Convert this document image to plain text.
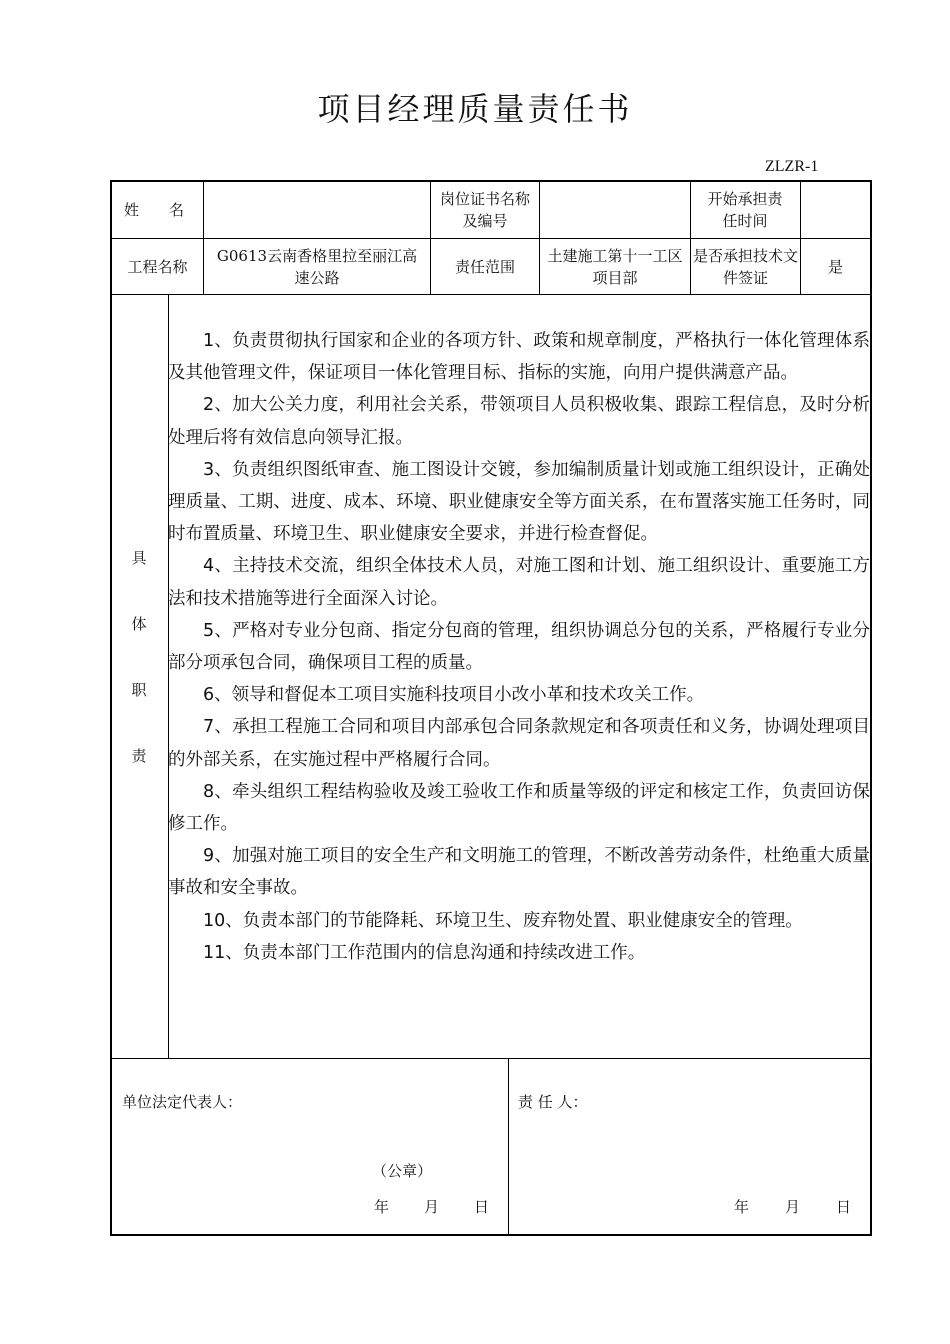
项目经理质量责任书
ZLZR-1
姓　　名
岗位证书名称及编号
开始承担责任时间
工程名称
G0613云南香格里拉至丽江高速公路
责任范围
土建施工第十一工区项目部
是否承担技术文件签证
是
具
体
职
责

1、负责贯彻执行国家和企业的各项方针、政策和规章制度，严格执行一体化管理体系及其他管理文件，保证项目一体化管理目标、指标的实施，向用户提供满意产品。

2、加大公关力度，利用社会关系，带领项目人员积极收集、跟踪工程信息，及时分析处理后将有效信息向领导汇报。

3、负责组织图纸审查、施工图设计交镀，参加编制质量计划或施工组织设计，正确处理质量、工期、进度、成本、环境、职业健康安全等方面关系，在布置落实施工任务时，同时布置质量、环境卫生、职业健康安全要求，并进行检查督促。

4、主持技术交流，组织全体技术人员，对施工图和计划、施工组织设计、重要施工方法和技术措施等进行全面深入讨论。

5、严格对专业分包商、指定分包商的管理，组织协调总分包的关系，严格履行专业分部分项承包合同，确保项目工程的质量。

6、领导和督促本工项目实施科技项目小改小革和技术攻关工作。

7、承担工程施工合同和项目内部承包合同条款规定和各项责任和义务，协调处理项目的外部关系，在实施过程中严格履行合同。

8、牵头组织工程结构验收及竣工验收工作和质量等级的评定和核定工作，负责回访保修工作。

9、加强对施工项目的安全生产和文明施工的管理，不断改善劳动条件，杜绝重大质量事故和安全事故。

10、负责本部门的节能降耗、环境卫生、废弃物处置、职业健康安全的管理。

11、负责本部门工作范围内的信息沟通和持续改进工作。

单位法定代表人：
（公章）
年 月 日
责 任 人：
年 月 日
